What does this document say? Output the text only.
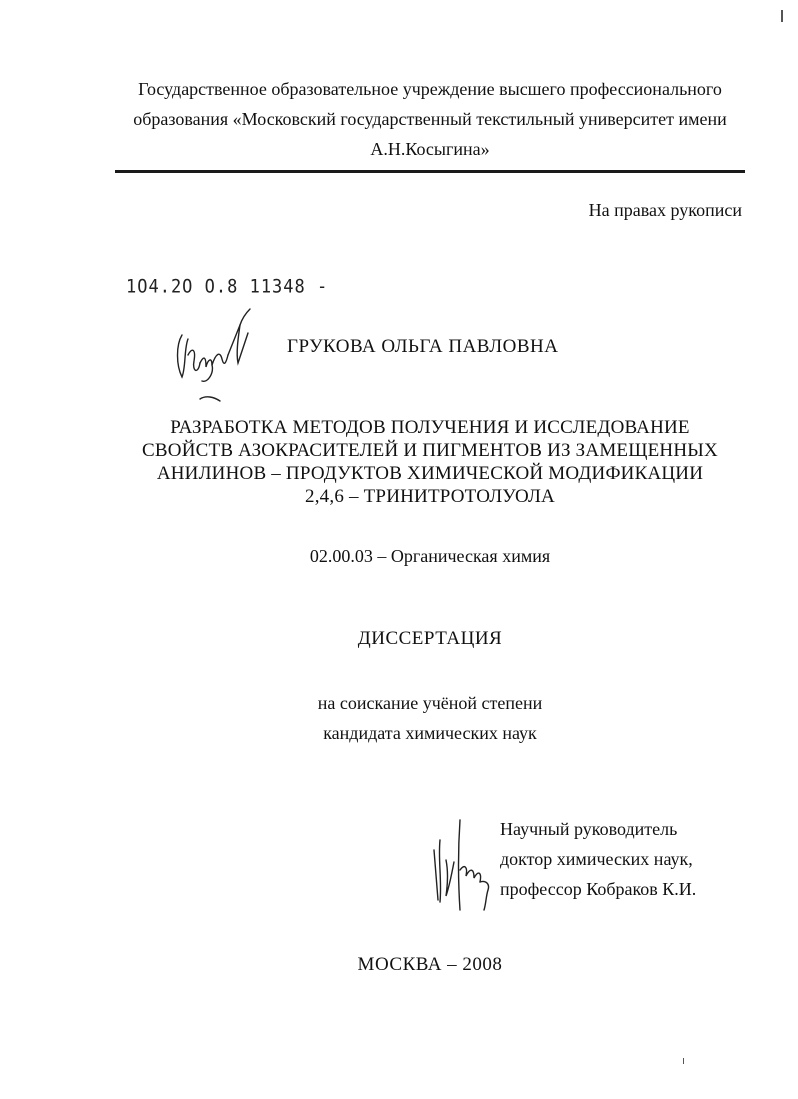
Государственное образовательное учреждение высшего профессионального
образования «Московский государственный текстильный университет имени
А.Н.Косыгина»
На правах рукописи
1О4.2О О.8 11348 -
ГРУКОВА ОЛЬГА ПАВЛОВНА
РАЗРАБОТКА МЕТОДОВ ПОЛУЧЕНИЯ И ИССЛЕДОВАНИЕ
СВОЙСТВ АЗОКРАСИТЕЛЕЙ И ПИГМЕНТОВ ИЗ ЗАМЕЩЕННЫХ
АНИЛИНОВ – ПРОДУКТОВ ХИМИЧЕСКОЙ МОДИФИКАЦИИ
2,4,6 – ТРИНИТРОТОЛУОЛА
02.00.03 – Органическая химия
ДИССЕРТАЦИЯ
на соискание учёной степени
кандидата химических наук
Научный руководитель
доктор химических наук,
профессор Кобраков К.И.
МОСКВА – 2008
